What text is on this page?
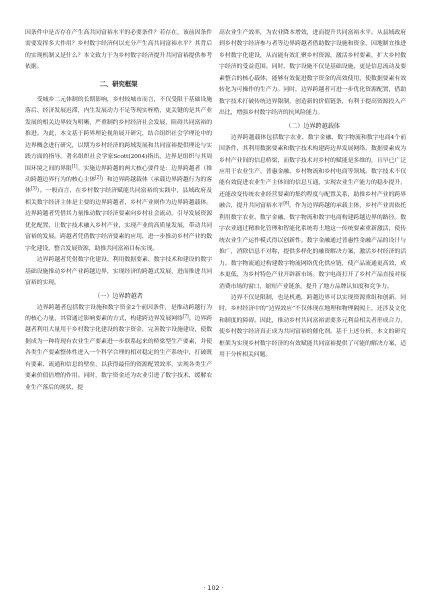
因条件中是否存在产生高共同富裕水平的必要条件？若存在，该前因条件需要发挥多大作用？乡村数字经济何以充分产生高共同富裕水平？其背后的实现机制又是什么？本文致力于为乡村数字经济提升共同富裕提供参考依据。

二、研究框架

受城乡二元体制的长期影响，乡村较城市而言，不仅受限于基础设施落后、经济发展迟滞，内生发展动力不足等现实桎梏，更关键的是其产业发展的相关边界较为明晰，严重制约乡村经济社会发展，阻碍共同富裕的推进。为此，本文基于跨界理论视角展开研究，结合组织社会学理论中的边界概念进行研究，以期为乡村经济的跨域发展和共同富裕提供理论与实践方面的指导。著名组织社会学家Scott(2004)指出，边界是组织与其周围环境之间的界限[1]。实施边界跨越的两大核心要件是：边界跨越者（推动跨越边界行为的核心主体[2]）和边界跨越载体（承载边界跨越行为的客体[3]）。一般而言，在乡村数字经济赋能共同富裕的实践中，县域政府及相关数字经济主体是主要的边界跨越者，乡村产业则作为边界跨越载体。边界跨越者凭借其力量推动数字经济要素向乡村社会流动，引导发展资源优化配置，让数字技术融入乡村产业，实现产业的高质量发展，带动共同富裕的发展。跨越者凭借数字经济要素的应用，进一步推动乡村产业的数字化建设，整合发展资源，助推共同富裕目标实现。

边界跨越者凭借数字化建设、利用数据要素、数字技术和建设的数字基础设施推动乡村产业跨越边界，实现经济的跨越式发展，进而推进共同富裕的实现。

（一）边界跨越者

边界跨越者包括数字设施和数字资金2个前因条件，是推动跨越行为的核心力量，其常通过影响要素的方式，构建跨边界发展网络[7]。边界跨越者利用大量用于乡村数字化建设的数字资金，完善数字设施建设，使数据成为一种将现有农业生产要素进一步联系起来的桥梁型生产要素，并使各类生产要素整体性进入一个科学合理的相对稳定的生产系统中，打破既有要素、流通和信息的壁垒，以获得最佳的资源配置效率，实现各类生产要素价值倍增的作用。同时，数字资金还为农业引进了数字技术，缓解农业生产落后的现状，提

高农业生产效率，为农业降本增效，进而提升共同富裕水平。从县域政府到乡村数字经济参与者等边界跨越者借助数字设施和资金，因地制宜推进乡村数字化建设，从而能有效汇聚乡村资源，激活乡村要素，扩大乡村数字经济的受益范围。同时，数字设施不仅是基础设施，更是信息流动及要素整合的核心载体，能够有效促进数字资金的高效使用，使数据要素有效转化为可操作的生产力。同时，边界跨越者可进一步优化资源配置，借助数字技术打破传统边界限制，创造新的价值链条，有利于提高资源投入产出比，增强乡村数字经济的抗风险能力。

（二）边界跨越载体

边界跨越载体包括数字农业、数字金融、数字物流和数字电商4个前因条件，其利用数据要素和数字技术构建跨边界发展网络。数据要素成为乡村产业间的信息桥梁，而数字技术对乡村的赋能是多维的，且早已广泛应用于农业生产、普惠金融、乡村物流和乡村电商等领域。数字技术不仅能有效促进农业生产主体间的信息互通，实现农业生产能力的稳步提升，还能改变传统农业经营要素的集约程度与配置关系，助推乡村产业的跨界融合，提升共同富裕水平[8]。作为边界跨越的承载主体，乡村产业需依托利用数字农业、数字金融、数字物流和数字电商构建跨越边界的路径。数字农业通过精准化管理和智能化系统将土地这一传统要素重新激活，使传统农业生产运作模式得以创新性。数字金融通过普惠性金融产品的设计与推广，消除信息不对称，提供多样化的融资解决方案，激活乡村经济的活力。数字物流通过构建数字物流网络优化供应链，使产品流通更高效、成本更低，为乡村特色产业开辟新市场。数字电商打开了乡村产品直接对接消费市场的窗口，缩短产业链条，提升了地方品牌认知度和竞争力。

边界不仅是限制，也是机遇，跨越边界可以实现资源重组和创新。同时，乡村经济中的“边界效应”不仅体现在地理和物理隔阂上，还涉及文化和制度的障碍。因此，推动乡村共同富裕需要多元利益相关者形成合力，使乡村数字经济真正成为共同富裕的催化剂。基于上述分析，本文的研究框架为实现乡村数字经济的有效赋能共同富裕提供了可能的解决方案，适用于分析相关问题。

· 102 ·
